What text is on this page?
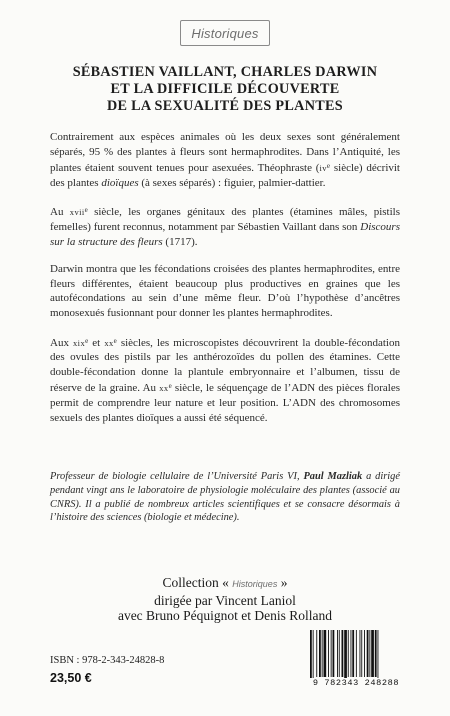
Historiques
SÉBASTIEN VAILLANT, CHARLES DARWIN
ET LA DIFFICILE DÉCOUVERTE
DE LA SEXUALITÉ DES PLANTES

Contrairement aux espèces animales où les deux sexes sont généralement séparés, 95 % des plantes à fleurs sont hermaphrodites. Dans l’Antiquité, les plantes étaient souvent tenues pour asexuées. Théophraste ($iv^e$ siècle) décrivit des plantes dioïques (à sexes séparés) : figuier, palmier-dattier.

Au xvii$^e$ siècle, les organes génitaux des plantes (étamines mâles, pistils femelles) furent reconnus, notamment par Sébastien Vaillant dans son Discours sur la structure des fleurs (1717).

Darwin montra que les fécondations croisées des plantes hermaphrodites, entre fleurs différentes, étaient beaucoup plus productives en graines que les autofécondations au sein d’une même fleur. D’où l’hypothèse d’ancêtres monosexués fusionnant pour donner les plantes hermaphrodites.

Aux xix$^e$ et $xx^e$ siècles, les microscopistes découvrirent la double-fécondation des ovules des pistils par les anthérozoïdes du pollen des étamines. Cette double-fécondation donne la plantule embryonnaire et l’albumen, tissu de réserve de la graine. Au $xx^e$ siècle, le séquençage de l’ADN des pièces florales permit de comprendre leur nature et leur position. L’ADN des chromosomes sexuels des plantes dioïques a aussi été séquencé.

Professeur de biologie cellulaire de l’Université Paris VI, Paul Mazliak a dirigé pendant vingt ans le laboratoire de physiologie moléculaire des plantes (associé au CNRS). Il a publié de nombreux articles scientifiques et se consacre désormais à l’histoire des sciences (biologie et médecine).
Collection « Historiques »
dirigée par Vincent Laniol
avec Bruno Péquignot et Denis Rolland
ISBN : 978-2-343-24828-8
23,50 €	9 782343 248288
